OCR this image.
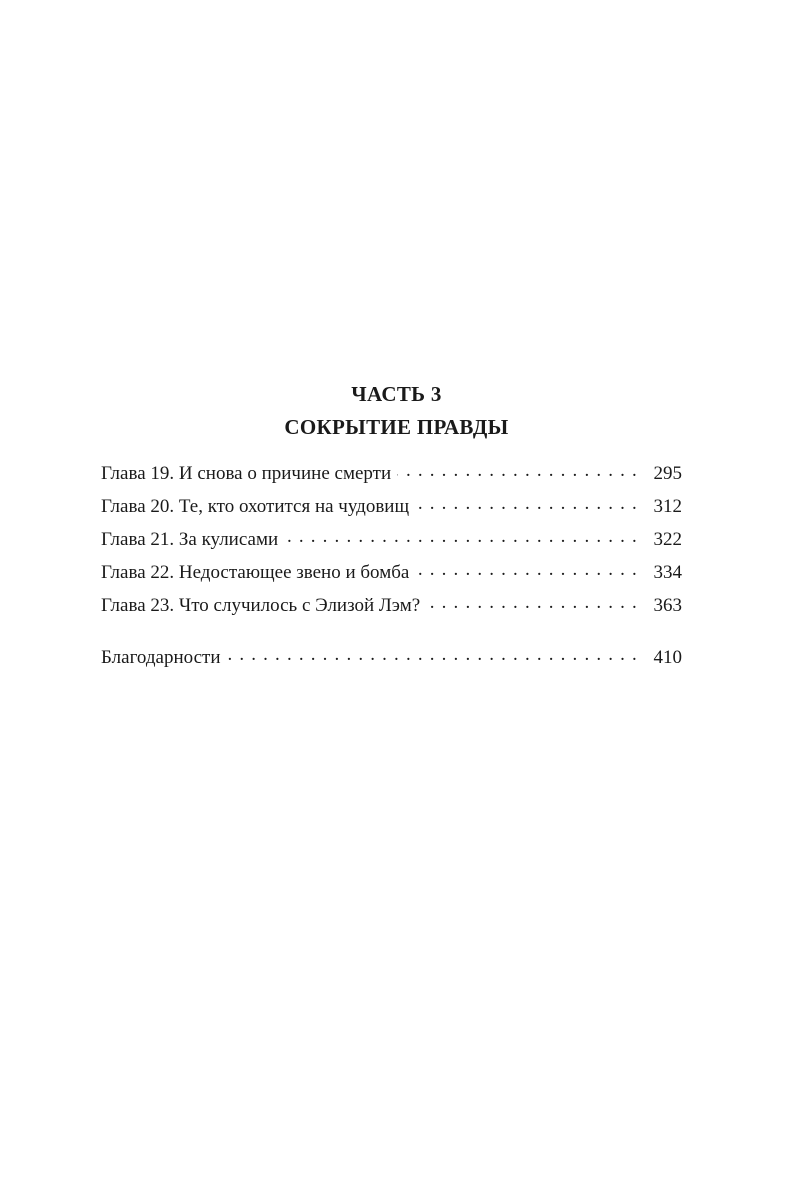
ЧАСТЬ 3
СОКРЫТИЕ ПРАВДЫ
Глава 19. И снова о причине смерти . . .	295
Глава 20. Те, кто охотится на чудовищ . . .	312
Глава 21. За кулисами . . .	322
Глава 22. Недостающее звено и бомба . . .	334
Глава 23. Что случилось с Элизой Лэм? . . .	363
Благодарности . . .	410
